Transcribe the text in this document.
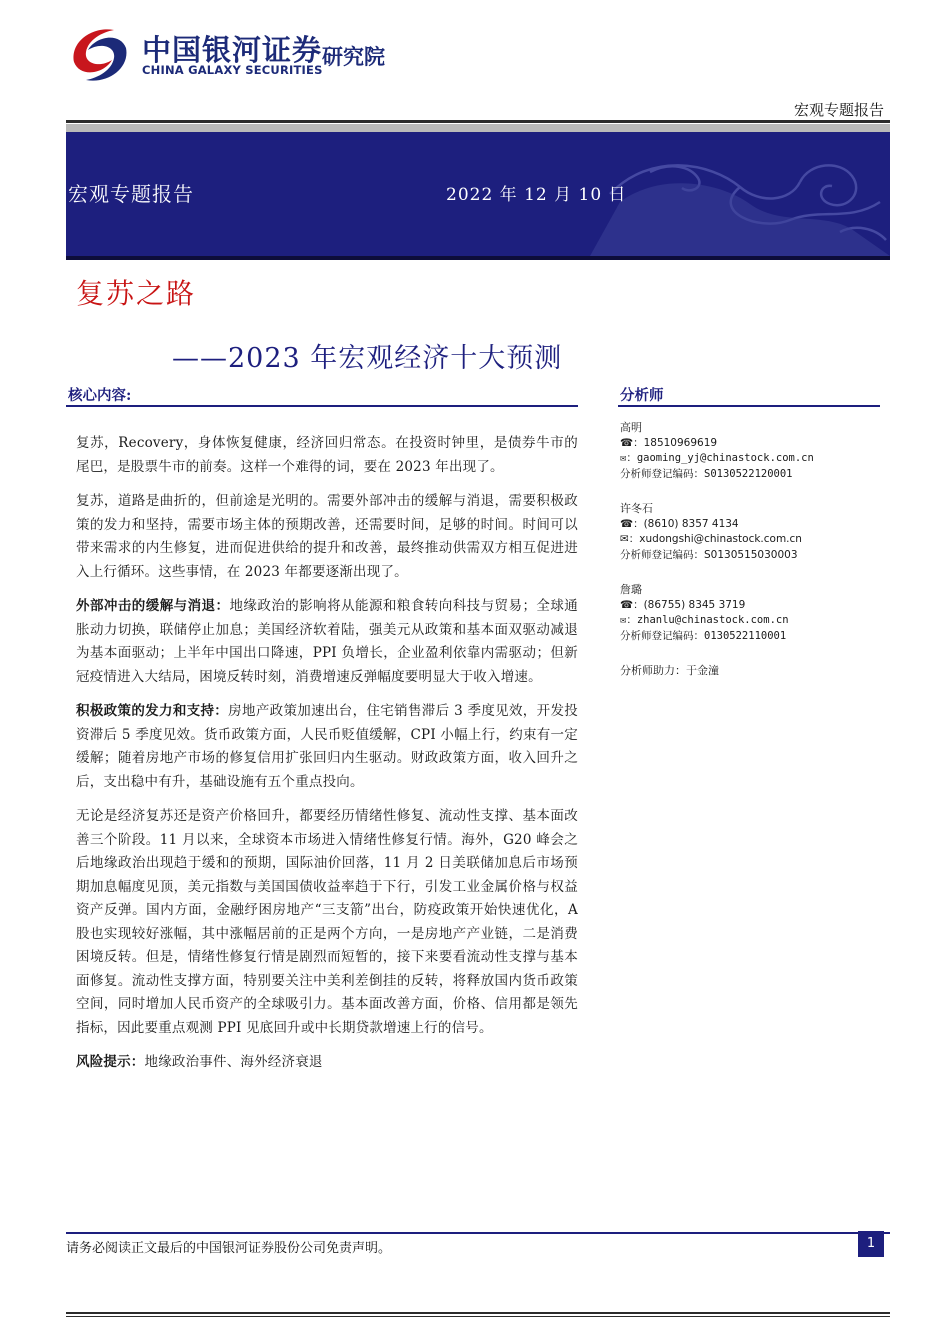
中国银河证券
CHINA GALAXY SECURITIES
研究院
宏观专题报告
宏观专题报告	2022 年 12 月 10 日
复苏之路
——2023 年宏观经济十大预测
核心内容:	分析师

复苏，Recovery，身体恢复健康，经济回归常态。在投资时钟里，是债券牛市的尾巴，是股票牛市的前奏。这样一个难得的词，要在 2023 年出现了。

复苏，道路是曲折的，但前途是光明的。需要外部冲击的缓解与消退，需要积极政策的发力和坚持，需要市场主体的预期改善，还需要时间，足够的时间。时间可以带来需求的内生修复，进而促进供给的提升和改善，最终推动供需双方相互促进进入上行循环。这些事情，在 2023 年都要逐渐出现了。

外部冲击的缓解与消退：地缘政治的影响将从能源和粮食转向科技与贸易；全球通胀动力切换，联储停止加息；美国经济软着陆，强美元从政策和基本面双驱动减退为基本面驱动；上半年中国出口降速，PPI 负增长，企业盈利依靠内需驱动；但新冠疫情进入大结局，困境反转时刻，消费增速反弹幅度要明显大于收入增速。

积极政策的发力和支持：房地产政策加速出台，住宅销售滞后 3 季度见效，开发投资滞后 5 季度见效。货币政策方面，人民币贬值缓解，CPI 小幅上行，约束有一定缓解；随着房地产市场的修复信用扩张回归内生驱动。财政政策方面，收入回升之后，支出稳中有升，基础设施有五个重点投向。

无论是经济复苏还是资产价格回升，都要经历情绪性修复、流动性支撑、基本面改善三个阶段。11 月以来，全球资本市场进入情绪性修复行情。海外，G20 峰会之后地缘政治出现趋于缓和的预期，国际油价回落，11 月 2 日美联储加息后市场预期加息幅度见顶，美元指数与美国国债收益率趋于下行，引发工业金属价格与权益资产反弹。国内方面，金融纾困房地产“三支箭”出台，防疫政策开始快速优化，A 股也实现较好涨幅，其中涨幅居前的正是两个方向，一是房地产产业链，二是消费困境反转。但是，情绪性修复行情是剧烈而短暂的，接下来要看流动性支撑与基本面修复。流动性支撑方面，特别要关注中美利差倒挂的反转，将释放国内货币政策空间，同时增加人民币资产的全球吸引力。基本面改善方面，价格、信用都是领先指标，因此要重点观测 PPI 见底回升或中长期贷款增速上行的信号。

风险提示：地缘政治事件、海外经济衰退

高明
☎：18510969619
✉：gaoming_yj@chinastock.com.cn
分析师登记编码：S0130522120001
许冬石
☎：(8610) 8357 4134
✉：xudongshi@chinastock.com.cn
分析师登记编码：S0130515030003
詹璐
☎：(86755) 8345 3719
✉：zhanlu@chinastock.com.cn
分析师登记编码：0130522110001
分析师助力：于金潼
请务必阅读正文最后的中国银河证券股份公司免责声明。	1
